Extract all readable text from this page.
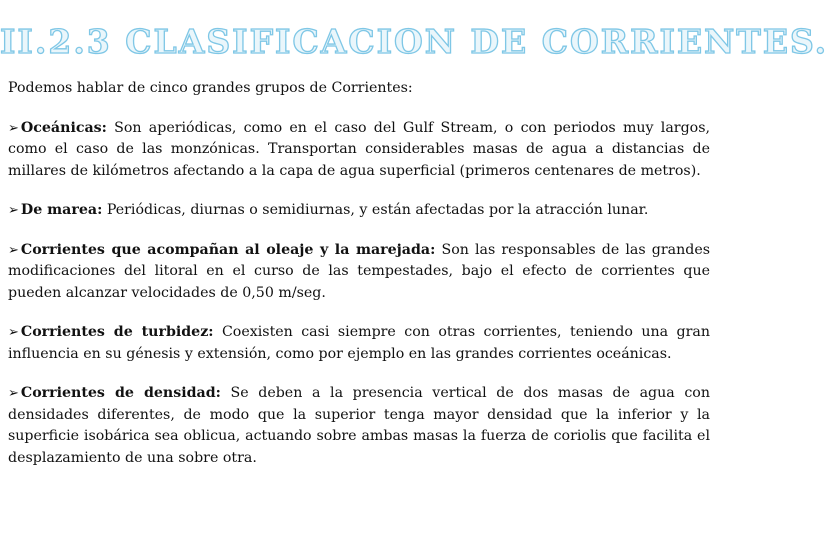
II.2.3 CLASIFICACION DE CORRIENTES.

Podemos hablar de cinco grandes grupos de Corrientes:

➢ Oceánicas: Son aperiódicas, como en el caso del Gulf Stream, o con periodos muy largos, como el caso de las monzónicas. Transportan considerables masas de agua a distancias de millares de kilómetros afectando a la capa de agua superficial (primeros centenares de metros).

➢ De marea: Periódicas, diurnas o semidiurnas, y están afectadas por la atracción lunar.

➢ Corrientes que acompañan al oleaje y la marejada: Son las responsables de las grandes modificaciones del litoral en el curso de las tempestades, bajo el efecto de corrientes que pueden alcanzar velocidades de 0,50 m/seg.

➢ Corrientes de turbidez: Coexisten casi siempre con otras corrientes, teniendo una gran influencia en su génesis y extensión, como por ejemplo en las grandes corrientes oceánicas.

➢ Corrientes de densidad: Se deben a la presencia vertical de dos masas de agua con densidades diferentes, de modo que la superior tenga mayor densidad que la inferior y la superficie isobárica sea oblicua, actuando sobre ambas masas la fuerza de coriolis que facilita el desplazamiento de una sobre otra.
